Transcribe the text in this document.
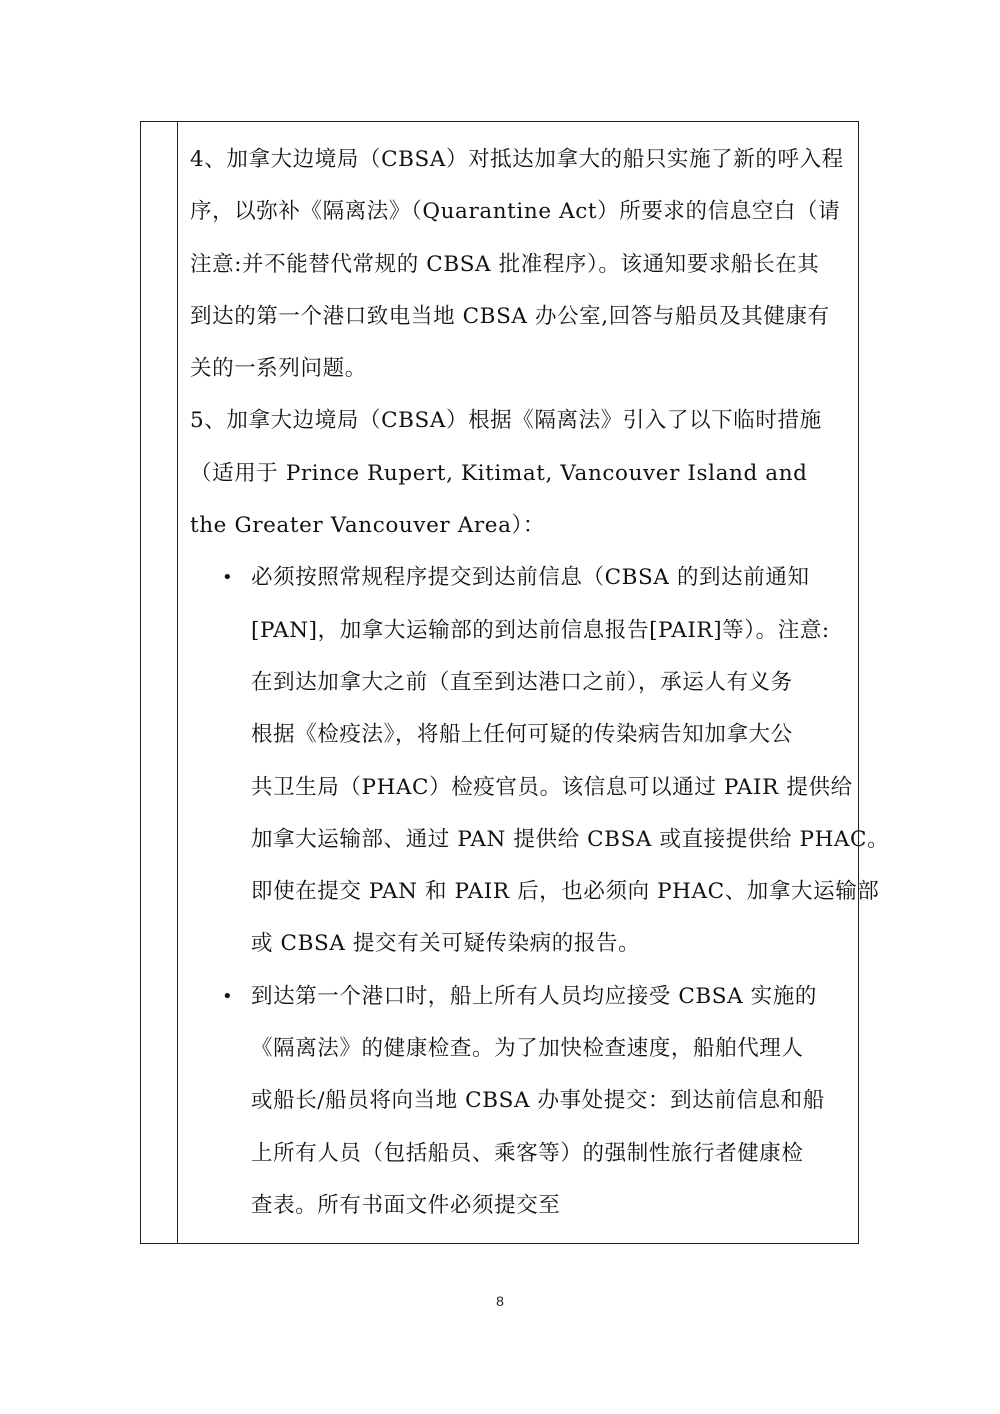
4、加拿大边境局（CBSA）对抵达加拿大的船只实施了新的呼入程
序，以弥补《隔离法》（Quarantine Act）所要求的信息空白（请
注意:并不能替代常规的 CBSA 批准程序）。该通知要求船长在其
到达的第一个港口致电当地 CBSA 办公室,回答与船员及其健康有
关的一系列问题。
5、加拿大边境局（CBSA）根据《隔离法》引入了以下临时措施
（适用于 Prince Rupert, Kitimat, Vancouver Island and
the Greater Vancouver Area）：
• 必须按照常规程序提交到达前信息（CBSA 的到达前通知
[PAN]，加拿大运输部的到达前信息报告[PAIR]等）。注意:
在到达加拿大之前（直至到达港口之前），承运人有义务
根据《检疫法》，将船上任何可疑的传染病告知加拿大公
共卫生局（PHAC）检疫官员。该信息可以通过 PAIR 提供给
加拿大运输部、通过 PAN 提供给 CBSA 或直接提供给 PHAC。
即使在提交 PAN 和 PAIR 后，也必须向 PHAC、加拿大运输部
或 CBSA 提交有关可疑传染病的报告。
• 到达第一个港口时，船上所有人员均应接受 CBSA 实施的
《隔离法》的健康检查。为了加快检查速度，船舶代理人
或船长/船员将向当地 CBSA 办事处提交：到达前信息和船
上所有人员（包括船员、乘客等）的强制性旅行者健康检
查表。所有书面文件必须提交至
8
